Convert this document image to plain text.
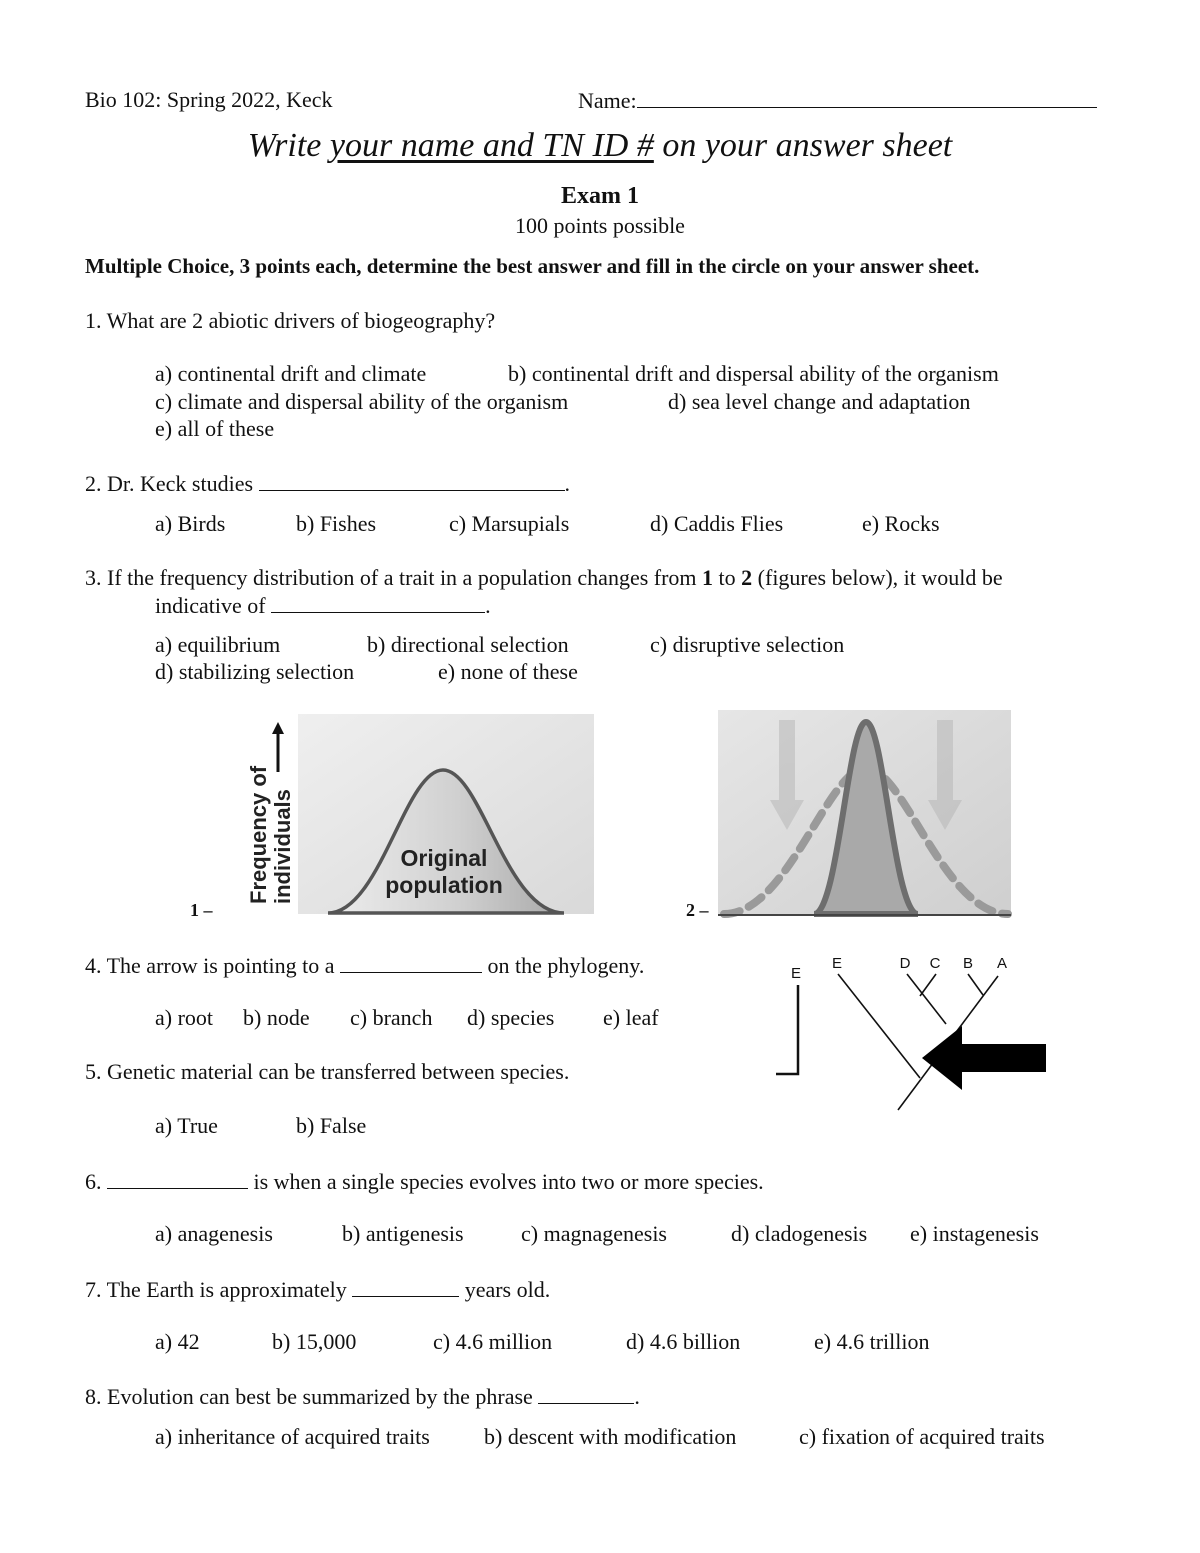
Bio 102: Spring 2022, Keck	Name:
Write your name and TN ID # on your answer sheet
Exam 1
100 points possible
Multiple Choice, 3 points each, determine the best answer and fill in the circle on your answer sheet.
1. What are 2 abiotic drivers of biogeography?
a) continental drift and climate	b) continental drift and dispersal ability of the organism
c) climate and dispersal ability of the organism	d) sea level change and adaptation
e) all of these
2. Dr. Keck studies	.
a) Birds	b) Fishes	c) Marsupials	d) Caddis Flies	e) Rocks
3. If the frequency distribution of a trait in a population changes from 1 to 2 (figures below), it would be
indicative of	.
a) equilibrium	b) directional selection	c) disruptive selection
d) stabilizing selection	e) none of these
1 –
Frequency of individuals	Original
population
2 –
4. The arrow is pointing to a	on the phylogeny.
a) root b) node c) branch d) species e) leaf
E
E	D C B A
5. Genetic material can be transferred between species.
a) True	b) False
6.	is when a single species evolves into two or more species.
a) anagenesis	b) antigenesis	c) magnagenesis	d) cladogenesis e) instagenesis
7. The Earth is approximately	years old.
a) 42	b) 15,000	c) 4.6 million	d) 4.6 billion	e) 4.6 trillion
8. Evolution can best be summarized by the phrase	.
a) inheritance of acquired traits b) descent with modification	c) fixation of acquired traits
